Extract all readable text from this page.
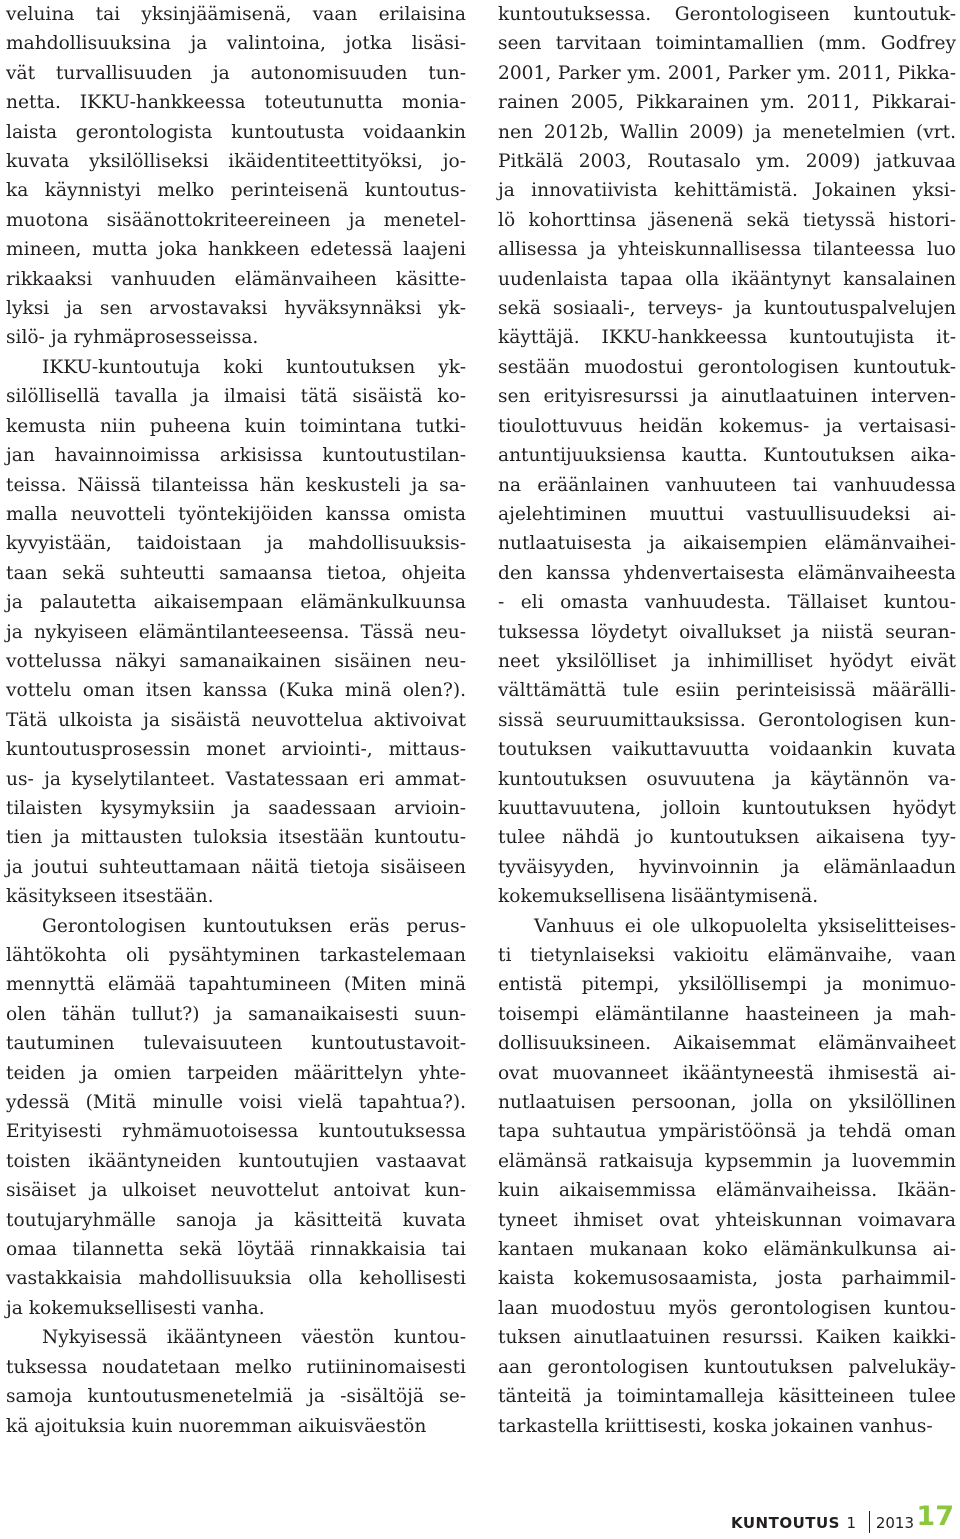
veluina tai yksinjäämisenä, vaan erilaisina
mahdollisuuksina ja valintoina, jotka lisäsi-
vät turvallisuuden ja autonomisuuden tun-
netta. IKKU-hankkeessa toteutunutta monia-
laista gerontologista kuntoutusta voidaankin
kuvata yksilölliseksi ikäidentiteettityöksi, jo-
ka käynnistyi melko perinteisenä kuntoutus-
muotona sisäänottokriteereineen ja menetel-
mineen, mutta joka hankkeen edetessä laajeni
rikkaaksi vanhuuden elämänvaiheen käsitte-
lyksi ja sen arvostavaksi hyväksynnäksi yk-
silö- ja ryhmäprosesseissa.
IKKU-kuntoutuja koki kuntoutuksen yk-
silöllisellä tavalla ja ilmaisi tätä sisäistä ko-
kemusta niin puheena kuin toimintana tutki-
jan havainnoimissa arkisissa kuntoutustilan-
teissa. Näissä tilanteissa hän keskusteli ja sa-
malla neuvotteli työntekijöiden kanssa omista
kyvyistään, taidoistaan ja mahdollisuuksis-
taan sekä suhteutti samaansa tietoa, ohjeita
ja palautetta aikaisempaan elämänkulkuunsa
ja nykyiseen elämäntilanteeseensa. Tässä neu-
vottelussa näkyi samanaikainen sisäinen neu-
vottelu oman itsen kanssa (Kuka minä olen?).
Tätä ulkoista ja sisäistä neuvottelua aktivoivat
kuntoutusprosessin monet arviointi-, mittaus-
us- ja kyselytilanteet. Vastatessaan eri ammat-
tilaisten kysymyksiin ja saadessaan arvioin-
tien ja mittausten tuloksia itsestään kuntoutu-
ja joutui suhteuttamaan näitä tietoja sisäiseen
käsitykseen itsestään.
Gerontologisen kuntoutuksen eräs perus-
lähtökohta oli pysähtyminen tarkastelemaan
mennyttä elämää tapahtumineen (Miten minä
olen tähän tullut?) ja samanaikaisesti suun-
tautuminen tulevaisuuteen kuntoutustavoit-
teiden ja omien tarpeiden määrittelyn yhte-
ydessä (Mitä minulle voisi vielä tapahtua?).
Erityisesti ryhmämuotoisessa kuntoutuksessa
toisten ikääntyneiden kuntoutujien vastaavat
sisäiset ja ulkoiset neuvottelut antoivat kun-
toutujaryhmälle sanoja ja käsitteitä kuvata
omaa tilannetta sekä löytää rinnakkaisia tai
vastakkaisia mahdollisuuksia olla kehollisesti
ja kokemuksellisesti vanha.
Nykyisessä ikääntyneen väestön kuntou-
tuksessa noudatetaan melko rutiininomaisesti
samoja kuntoutusmenetelmiä ja -sisältöjä se-
kä ajoituksia kuin nuoremman aikuisväestön
kuntoutuksessa. Gerontologiseen kuntoutuk-
seen tarvitaan toimintamallien (mm. Godfrey
2001, Parker ym. 2001, Parker ym. 2011, Pikka-
rainen 2005, Pikkarainen ym. 2011, Pikkarai-
nen 2012b, Wallin 2009) ja menetelmien (vrt.
Pitkälä 2003, Routasalo ym. 2009) jatkuvaa
ja innovatiivista kehittämistä. Jokainen yksi-
lö kohorttinsa jäsenenä sekä tietyssä histori-
allisessa ja yhteiskunnallisessa tilanteessa luo
uudenlaista tapaa olla ikääntynyt kansalainen
sekä sosiaali-, terveys- ja kuntoutuspalvelujen
käyttäjä. IKKU-hankkeessa kuntoutujista it-
sestään muodostui gerontologisen kuntoutuk-
sen erityisresurssi ja ainutlaatuinen interven-
tioulottuvuus heidän kokemus- ja vertaisasi-
antuntijuuksiensa kautta. Kuntoutuksen aika-
na eräänlainen vanhuuteen tai vanhuudessa
ajelehtiminen muuttui vastuullisuudeksi ai-
nutlaatuisesta ja aikaisempien elämänvaihei-
den kanssa yhdenvertaisesta elämänvaiheesta
- eli omasta vanhuudesta. Tällaiset kuntou-
tuksessa löydetyt oivallukset ja niistä seuran-
neet yksilölliset ja inhimilliset hyödyt eivät
välttämättä tule esiin perinteisissä määrälli-
sissä seuruumittauksissa. Gerontologisen kun-
toutuksen vaikuttavuutta voidaankin kuvata
kuntoutuksen osuvuutena ja käytännön va-
kuuttavuutena, jolloin kuntoutuksen hyödyt
tulee nähdä jo kuntoutuksen aikaisena tyy-
tyväisyyden, hyvinvoinnin ja elämänlaadun
kokemuksellisena lisääntymisenä.
Vanhuus ei ole ulkopuolelta yksiselitteises-
ti tietynlaiseksi vakioitu elämänvaihe, vaan
entistä pitempi, yksilöllisempi ja monimuo-
toisempi elämäntilanne haasteineen ja mah-
dollisuuksineen. Aikaisemmat elämänvaiheet
ovat muovanneet ikääntyneestä ihmisestä ai-
nutlaatuisen persoonan, jolla on yksilöllinen
tapa suhtautua ympäristöönsä ja tehdä oman
elämänsä ratkaisuja kypsemmin ja luovemmin
kuin aikaisemmissa elämänvaiheissa. Ikään-
tyneet ihmiset ovat yhteiskunnan voimavara
kantaen mukanaan koko elämänkulkunsa ai-
kaista kokemusosaamista, josta parhaimmil-
laan muodostuu myös gerontologisen kuntou-
tuksen ainutlaatuinen resurssi. Kaiken kaikki-
aan gerontologisen kuntoutuksen palvelukäy-
tänteitä ja toimintamalleja käsitteineen tulee
tarkastella kriittisesti, koska jokainen vanhus-
KUNTOUTUS 1 2013 17
